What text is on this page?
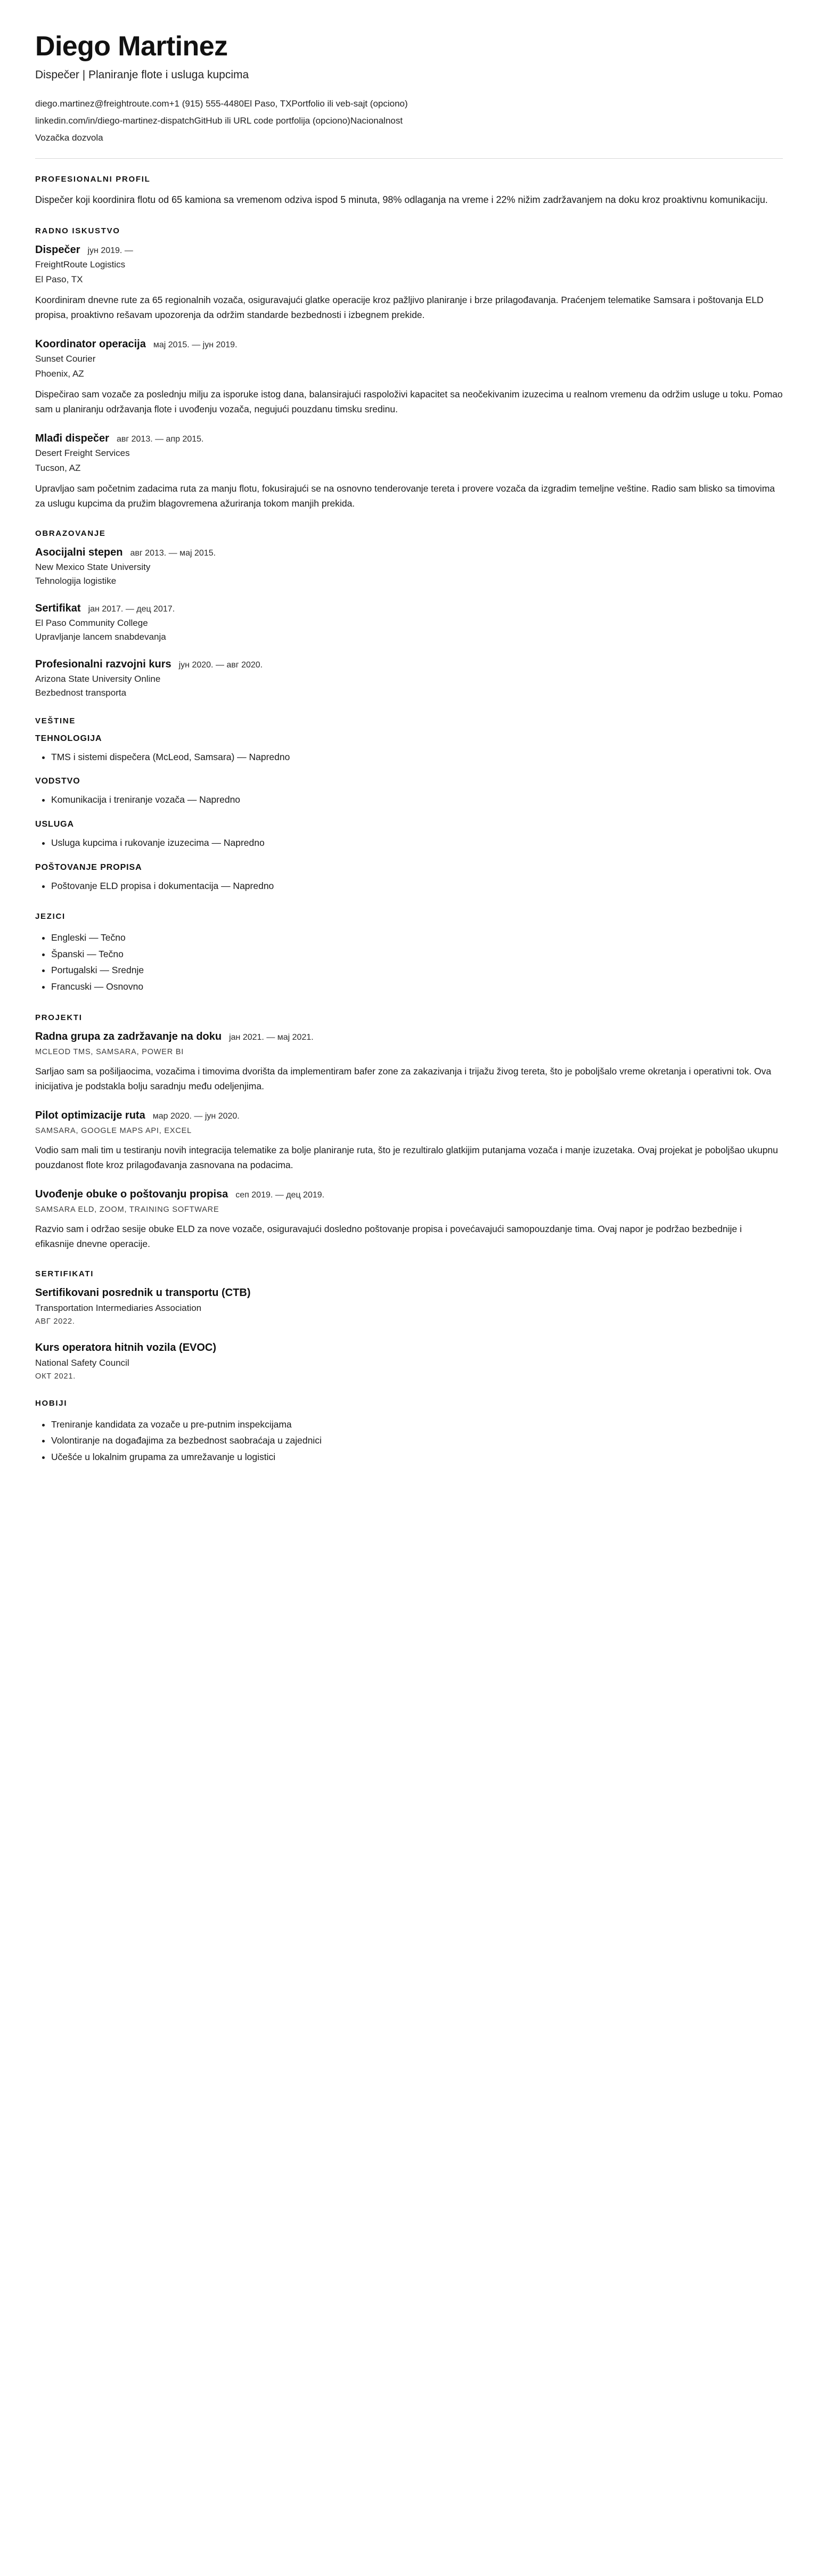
Diego Martinez
Dispečer | Planiranje flote i usluga kupcima
diego.martinez@freightroute.com+1 (915) 555-4480El Paso, TXPortfolio ili veb-sajt (opciono)
linkedin.com/in/diego-martinez-dispatchGitHub ili URL code portfolija (opciono)Nacionalnost
Vozačka dozvola
PROFESIONALNI PROFIL

Dispečer koji koordinira flotu od 65 kamiona sa vremenom odziva ispod 5 minuta, 98% odlaganja na vreme i 22% nižim zadržavanjem na doku kroz proaktivnu komunikaciju.

RADNO ISKUSTVO
Dispečer јун 2019. —
FreightRoute Logistics
El Paso, TX
Koordiniram dnevne rute za 65 regionalnih vozača, osiguravajući glatke operacije kroz pažljivo planiranje i brze prilagođavanja. Praćenjem telematike Samsara i poštovanja ELD propisa, proaktivno rešavam upozorenja da održim standarde bezbednosti i izbegnem prekide.
Koordinator operacija мај 2015. — јун 2019.
Sunset Courier
Phoenix, AZ
Dispečirao sam vozače za poslednju milju za isporuke istog dana, balansirajući raspoloživi kapacitet sa neočekivanim izuzecima u realnom vremenu da održim usluge u toku. Pomao sam u planiranju održavanja flote i uvođenju vozača, negujući pouzdanu timsku sredinu.
Mlađi dispečer авг 2013. — апр 2015.
Desert Freight Services
Tucson, AZ
Upravljao sam početnim zadacima ruta za manju flotu, fokusirajući se na osnovno tenderovanje tereta i provere vozača da izgradim temeljne veštine. Radio sam blisko sa timovima za uslugu kupcima da pružim blagovremena ažuriranja tokom manjih prekida.
OBRAZOVANJE
Asocijalni stepen авг 2013. — мај 2015.
New Mexico State University
Tehnologija logistike
Sertifikat јан 2017. — дец 2017.
El Paso Community College
Upravljanje lancem snabdevanja
Profesionalni razvojni kurs јун 2020. — авг 2020.
Arizona State University Online
Bezbednost transporta
VEŠTINE
TEHNOLOGIJA
• TMS i sistemi dispečera (McLeod, Samsara) — Napredno
VODSTVO
• Komunikacija i treniranje vozača — Napredno
USLUGA
• Usluga kupcima i rukovanje izuzecima — Napredno
POŠTOVANJE PROPISA
• Poštovanje ELD propisa i dokumentacija — Napredno
JEZICI
• Engleski — Tečno
• Španski — Tečno
• Portugalski — Srednje
• Francuski — Osnovno
PROJEKTI
Radna grupa za zadržavanje na doku јан 2021. — мај 2021.
MCLEOD TMS, SAMSARA, POWER BI
Sarlјao sam sa pošiljaocima, vozačima i timovima dvorišta da implementiram bafer zone za zakazivanja i trijažu živog tereta, što je poboljšalo vreme okretanja i operativni tok. Ova inicijativa je podstakla bolju saradnju među odeljenjima.
Pilot optimizacije ruta мар 2020. — јун 2020.
SAMSARA, GOOGLE MAPS API, EXCEL
Vodio sam mali tim u testiranju novih integracija telematike za bolje planiranje ruta, što je rezultiralo glatkijim putanjama vozača i manje izuzetaka. Ovaj projekat je poboljšao ukupnu pouzdanost flote kroz prilagođavanja zasnovana na podacima.
Uvođenje obuke o poštovanju propisa сеп 2019. — дец 2019.
SAMSARA ELD, ZOOM, TRAINING SOFTWARE
Razvio sam i održao sesije obuke ELD za nove vozače, osiguravajući dosledno poštovanje propisa i povećavajući samopouzdanje tima. Ovaj napor je podržao bezbednije i efikasnije dnevne operacije.
SERTIFIKATI
Sertifikovani posrednik u transportu (CTB)
Transportation Intermediaries Association
АВГ 2022.
Kurs operatora hitnih vozila (EVOC)
National Safety Council
ОКТ 2021.
HOBIJI
• Treniranje kandidata za vozače u pre-putnim inspekcijama
• Volontiranje na događajima za bezbednost saobraćaja u zajednici
• Učešće u lokalnim grupama za umrežavanje u logistici
